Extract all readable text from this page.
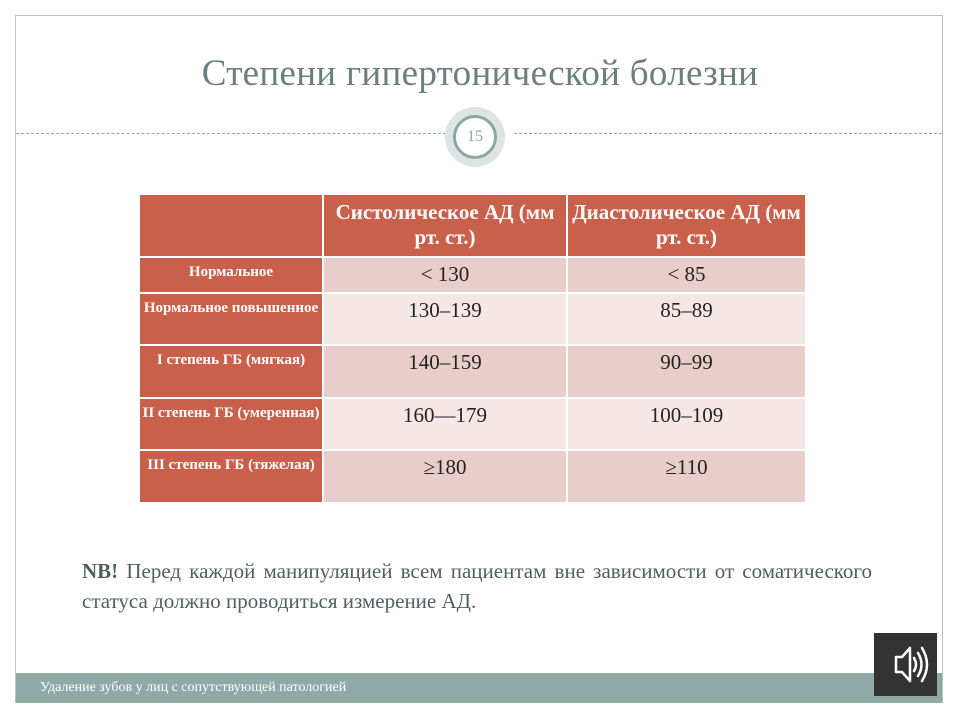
Степени гипертонической болезни
15
	Систолическое АД (мм рт. ст.)	Диастолическое АД (мм рт. ст.)
Нормальное	< 130	< 85
Нормальное повышенное	130–139	85–89
I степень ГБ (мягкая)	140–159	90–99
II степень ГБ (умеренная)	160—179	100–109
III степень ГБ (тяжелая)	≥180	≥110
NB! Перед каждой манипуляцией всем пациентам вне зависимости от соматического статуса должно проводиться измерение АД.
Удаление зубов у лиц с сопутствующей патологией
